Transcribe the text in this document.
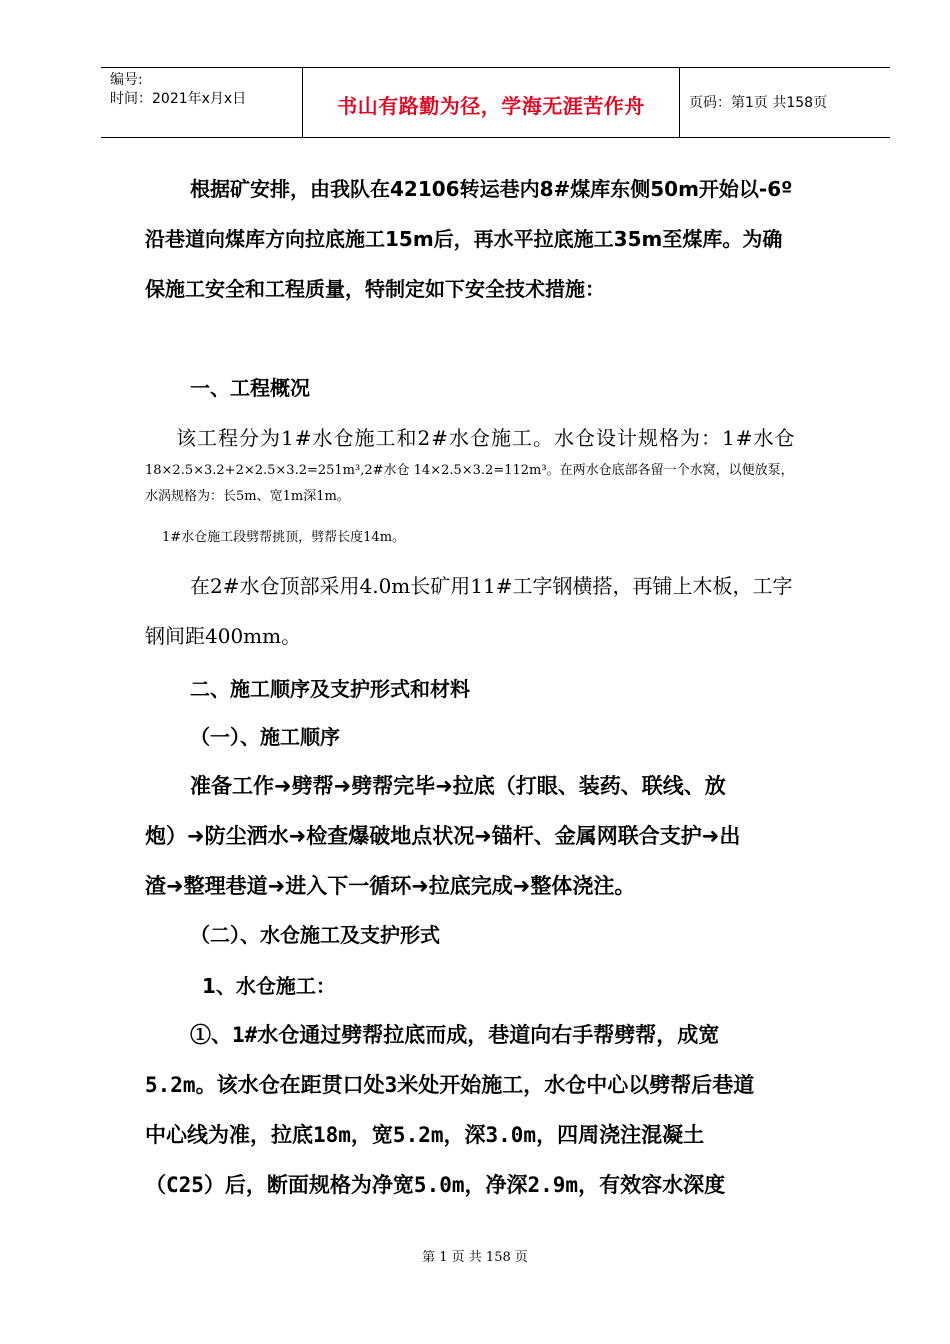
编号:
时间：2021年x月x日	书山有路勤为径，学海无涯苦作舟	页码：第1页 共158页
根据矿安排，由我队在42106转运巷内8#煤库东侧50m开始以-6º
沿巷道向煤库方向拉底施工15m后，再水平拉底施工35m至煤库。为确
保施工安全和工程质量，特制定如下安全技术措施：
一、工程概况
该工程分为1#水仓施工和2#水仓施工。水仓设计规格为：1#水仓
18×2.5×3.2+2×2.5×3.2=251m³,2#水仓 14×2.5×3.2=112m³。在两水仓底部各留一个水窝，以便放泵，
水涡规格为：长5m、宽1m深1m。
1#水仓施工段劈帮挑顶，劈帮长度14m。
在2#水仓顶部采用4.0m长矿用11#工字钢横搭，再铺上木板，工字
钢间距400mm。
二、施工顺序及支护形式和材料
（一）、施工顺序
准备工作➜劈帮➜劈帮完毕➜拉底（打眼、装药、联线、放
炮）➜防尘洒水➜检查爆破地点状况➜锚杆、金属网联合支护➜出
渣➜整理巷道➜进入下一循环➜拉底完成➜整体浇注。
（二）、水仓施工及支护形式
1、水仓施工：
①、1#水仓通过劈帮拉底而成，巷道向右手帮劈帮，成宽
5.2m。该水仓在距贯口处3米处开始施工，水仓中心以劈帮后巷道
中心线为准，拉底18m，宽5.2m，深3.0m，四周浇注混凝土
（C25）后，断面规格为净宽5.0m，净深2.9m，有效容水深度
第 1 页 共 158 页
